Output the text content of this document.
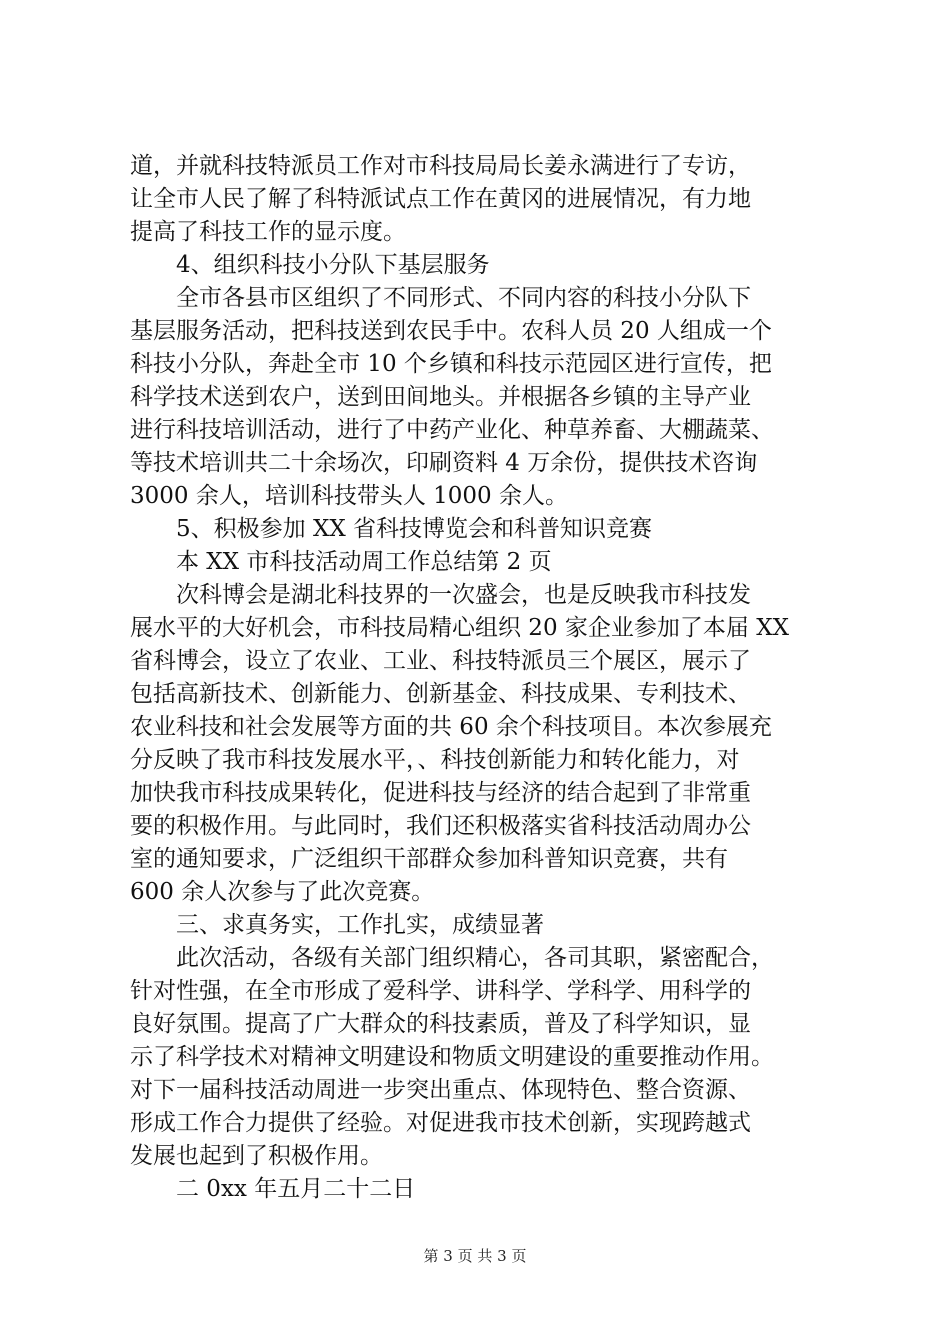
道，并就科技特派员工作对市科技局局长姜永满进行了专访，
让全市人民了解了科特派试点工作在黄冈的进展情况，有力地
提高了科技工作的显示度。
4、组织科技小分队下基层服务
全市各县市区组织了不同形式、不同内容的科技小分队下
基层服务活动，把科技送到农民手中。农科人员 20 人组成一个
科技小分队，奔赴全市 10 个乡镇和科技示范园区进行宣传，把
科学技术送到农户，送到田间地头。并根据各乡镇的主导产业
进行科技培训活动，进行了中药产业化、种草养畜、大棚蔬菜、
等技术培训共二十余场次，印刷资料 4 万余份，提供技术咨询
3000 余人，培训科技带头人 1000 余人。
5、积极参加 XX 省科技博览会和科普知识竞赛
本 XX 市科技活动周工作总结第 2 页
次科博会是湖北科技界的一次盛会，也是反映我市科技发
展水平的大好机会，市科技局精心组织 20 家企业参加了本届 XX
省科博会，设立了农业、工业、科技特派员三个展区，展示了
包括高新技术、创新能力、创新基金、科技成果、专利技术、
农业科技和社会发展等方面的共 60 余个科技项目。本次参展充
分反映了我市科技发展水平，、科技创新能力和转化能力，对
加快我市科技成果转化，促进科技与经济的结合起到了非常重
要的积极作用。与此同时，我们还积极落实省科技活动周办公
室的通知要求，广泛组织干部群众参加科普知识竞赛，共有
600 余人次参与了此次竞赛。
三、求真务实，工作扎实，成绩显著
此次活动，各级有关部门组织精心，各司其职，紧密配合，
针对性强，在全市形成了爱科学、讲科学、学科学、用科学的
良好氛围。提高了广大群众的科技素质，普及了科学知识，显
示了科学技术对精神文明建设和物质文明建设的重要推动作用。
对下一届科技活动周进一步突出重点、体现特色、整合资源、
形成工作合力提供了经验。对促进我市技术创新，实现跨越式
发展也起到了积极作用。
二 0xx 年五月二十二日
第 3 页 共 3 页
